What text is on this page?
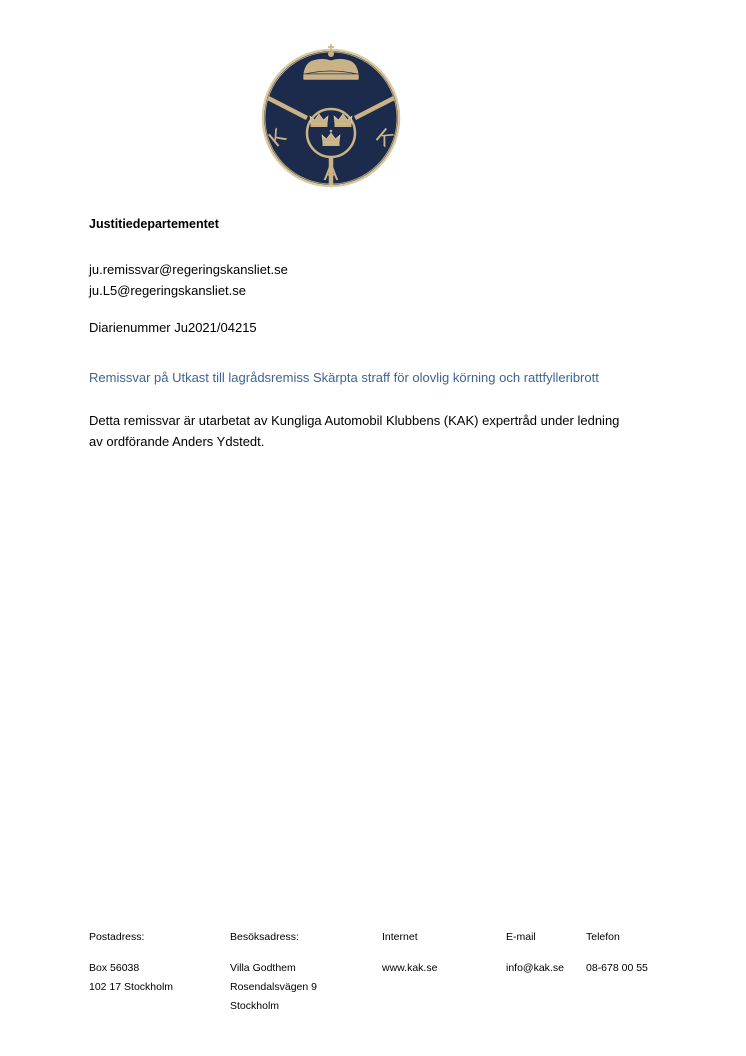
K	K
A
Justitiedepartementet
ju.remissvar@regeringskansliet.se
ju.L5@regeringskansliet.se
Diarienummer Ju2021/04215
Remissvar på Utkast till lagrådsremiss Skärpta straff för olovlig körning och rattfylleribrott
Detta remissvar är utarbetat av Kungliga Automobil Klubbens (KAK) expertråd under ledning
av ordförande Anders Ydstedt.
Postadress:
Box 56038
102 17 Stockholm
Besöksadress:
Villa Godthem
Rosendalsvägen 9
Stockholm
Internet
www.kak.se
E-mail
info@kak.se
Telefon
08-678 00 55
